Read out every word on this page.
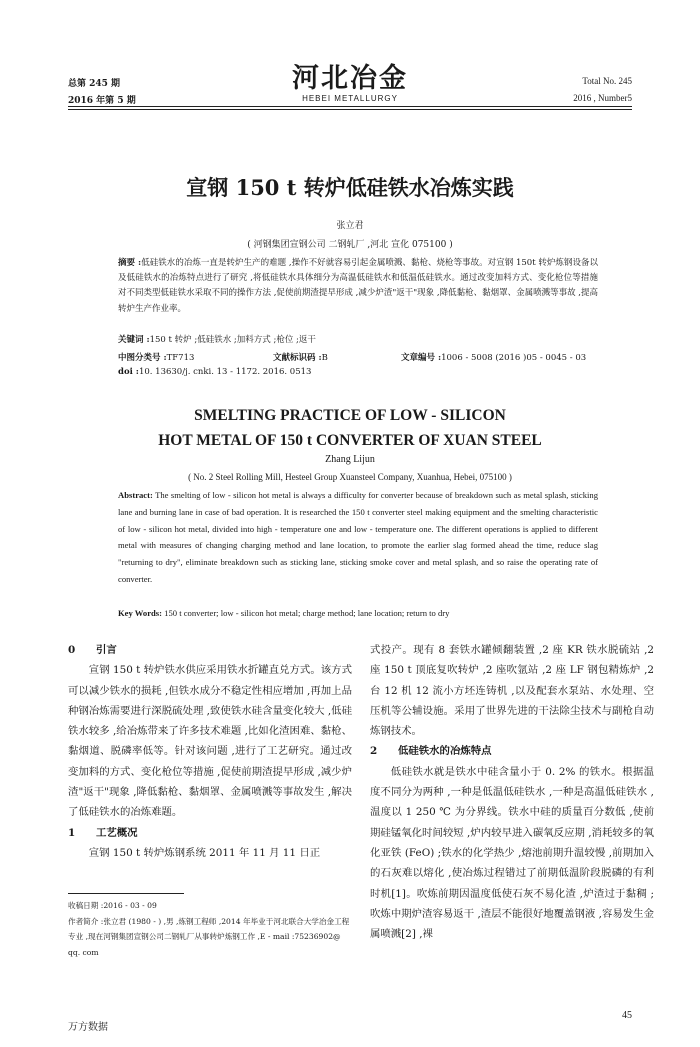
总第 245 期
2016 年第 5 期
河北冶金
HEBEI METALLURGY
Total No. 245
2016 , Number5
宣钢 150 t 转炉低硅铁水冶炼实践
张立君
( 河钢集团宣钢公司 二钢轧厂 ,河北 宣化 075100 )
摘要 :低硅铁水的冶炼一直是转炉生产的难题 ,操作不好就容易引起金属喷溅、黏枪、烧枪等事故。对宣钢 150t 转炉炼钢设备以及低硅铁水的冶炼特点进行了研究 ,将低硅铁水具体细分为高温低硅铁水和低温低硅铁水。通过改变加料方式、变化枪位等措施对不同类型低硅铁水采取不同的操作方法 ,促使前期渣提早形成 ,减少炉渣"返干"现象 ,降低黏枪、黏烟罩、金属喷溅等事故 ,提高转炉生产作业率。
关键词 :150 t 转炉 ;低硅铁水 ;加料方式 ;枪位 ;返干
中图分类号 :TF713	文献标识码 :B	文章编号 :1006 - 5008 (2016 )05 - 0045 - 03
doi :10. 13630/j. cnki. 13 - 1172. 2016. 0513
SMELTING PRACTICE OF LOW - SILICON
HOT METAL OF 150 t CONVERTER OF XUAN STEEL
Zhang Lijun
( No. 2 Steel Rolling Mill, Hesteel Group Xuansteel Company, Xuanhua, Hebei, 075100 )
Abstract: The smelting of low - silicon hot metal is always a difficulty for converter because of breakdown such as metal splash, sticking lane and burning lane in case of bad operation. It is researched the 150 t converter steel making equipment and the smelting characteristic of low - silicon hot metal, divided into high - temperature one and low - temperature one. The different operations is applied to different metal with measures of changing charging method and lane location, to promote the earlier slag formed ahead the time, reduce slag "returning to dry", eliminate breakdown such as sticking lane, sticking smoke cover and metal splash, and so raise the operating rate of converter.
Key Words: 150 t converter; low - silicon hot metal; charge method; lane location; return to dry
0 引言
宣钢 150 t 转炉铁水供应采用铁水折罐直兑方式。该方式可以减少铁水的损耗 ,但铁水成分不稳定性相应增加 ,再加上品种钢冶炼需要进行深脱硫处理 ,致使铁水硅含量变化较大 ,低硅铁水较多 ,给冶炼带来了许多技术难题 ,比如化渣困难、黏枪、黏烟道、脱磷率低等。针对该问题 ,进行了工艺研究。通过改变加料的方式、变化枪位等措施 ,促使前期渣提早形成 ,减少炉渣"返干"现象 ,降低黏枪、黏烟罩、金属喷溅等事故发生 ,解决了低硅铁水的冶炼难题。
1 工艺概况
宣钢 150 t 转炉炼钢系统 2011 年 11 月 11 日正
式投产。现有 8 套铁水罐倾翻装置 ,2 座 KR 铁水脱硫站 ,2 座 150 t 顶底复吹转炉 ,2 座吹氩站 ,2 座 LF 钢包精炼炉 ,2 台 12 机 12 流小方坯连铸机 ,以及配套水泵站、水处理、空压机等公辅设施。采用了世界先进的干法除尘技术与副枪自动炼钢技术。
2 低硅铁水的冶炼特点
低硅铁水就是铁水中硅含量小于 0. 2% 的铁水。根据温度不同分为两种 ,一种是低温低硅铁水 ,一种是高温低硅铁水 ,温度以 1 250 ℃ 为分界线。铁水中硅的质量百分数低 ,使前期硅锰氧化时间较短 ,炉内较早进入碳氧反应期 ,消耗较多的氧化亚铁 (FeO) ;铁水的化学热少 ,熔池前期升温较慢 ,前期加入的石灰难以熔化 ,使冶炼过程错过了前期低温阶段脱磷的有利时机[1]。吹炼前期因温度低使石灰不易化渣 ,炉渣过于黏稠 ;吹炼中期炉渣容易返干 ,渣层不能很好地覆盖钢液 ,容易发生金属喷溅[2] ,裸
收稿日期 :2016 - 03 - 09
作者简介 :张立君 (1980 - ) ,男 ,炼钢工程师 ,2014 年毕业于河北联合大学冶金工程专业 ,现在河钢集团宣钢公司二钢轧厂从事转炉炼钢工作 ,E - mail :75236902@ qq. com
45
万方数据
